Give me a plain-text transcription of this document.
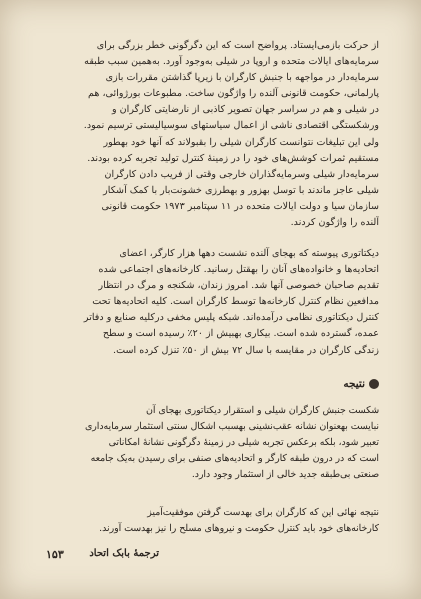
از حرکت بازمی‌ایستاد. پرواضح است که این دگرگونی خطر بزرگی برای
سرمایه‌های ایالات متحده و اروپا در شیلی به‌وجود آورد. به‌همین سبب طبقه
سرمایه‌دار در مواجهه با جنبش کارگران با زیرپا گذاشتن مقررات بازی
پارلمانی، حکومت قانونی آلنده را واژگون ساخت. مطبوعات بورژوائی، هم
در شیلی و هم در سراسر جهان تصویر کاذبی از نارضایتی کارگران و
ورشکستگی اقتصادی ناشی از اعمال سیاستهای سوسیالیستی ترسیم نمود.
ولی این تبلیغات نتوانست کارگران شیلی را بقبولاند که آنها خود بهطور
مستقیم ثمرات کوشش‌های خود را در زمینهٔ کنترل تولید تجربه کرده بودند.
سرمایه‌دار شیلی وسرمایه‌گذاران خارجی وقتی از فریب دادن کارگران
شیلی عاجز ماندند با توسل بهزور و بهطرزی خشونت‌بار با کمک آشکار
سازمان سیا و دولت ایالات متحده در ۱۱ سپتامبر ۱۹۷۳ حکومت قانونی
آلنده را واژگون کردند.
دیکتاتوری پیوسته که بهجای آلنده نشست دهها هزار کارگر، اعضای
اتحادیه‌ها و خانواده‌های آنان را بهقتل رسانید. کارخانه‌های اجتماعی شده
تقدیم صاحبان خصوصی آنها شد. امروز زندان، شکنجه و مرگ در انتظار
مدافعین نظام کنترل کارخانه‌ها توسط کارگران است. کلیه اتحادیه‌ها تحت
کنترل دیکتاتوری نظامی درآمده‌اند. شبکه پلیس مخفی درکلیه صنایع و دفاتر
عمده، گسترده شده است. بیکاری بهبیش از ۲۰٪ رسیده است و سطح
زندگی کارگران در مقایسه با سال ۷۲ بیش از ۵۰٪ تنزل کرده است.
نتیجه
شکست جنبش کارگران شیلی و استقرار دیکتاتوری بهجای آن
نبایست بهعنوان نشانه عقب‌نشینی بهسبب اشکال سنتی استثمار سرمایه‌داری
تعبیر شود، بلکه برعکس تجربه شیلی در زمینهٔ دگرگونی نشانهٔ امکاناتی
است که در درون طبقه کارگر و اتحادیه‌های صنفی برای رسیدن به‌یک جامعه
صنعتی بی‌طبقه جدید خالی از استثمار وجود دارد.
نتیجه نهائی این که کارگران برای بهدست گرفتن موفقیت‌آمیز
کارخانه‌های خود باید کنترل حکومت و نیروهای مسلح را نیز بهدست آورند.
ترجمهٔ بابک اتحاد
۱۵۳
